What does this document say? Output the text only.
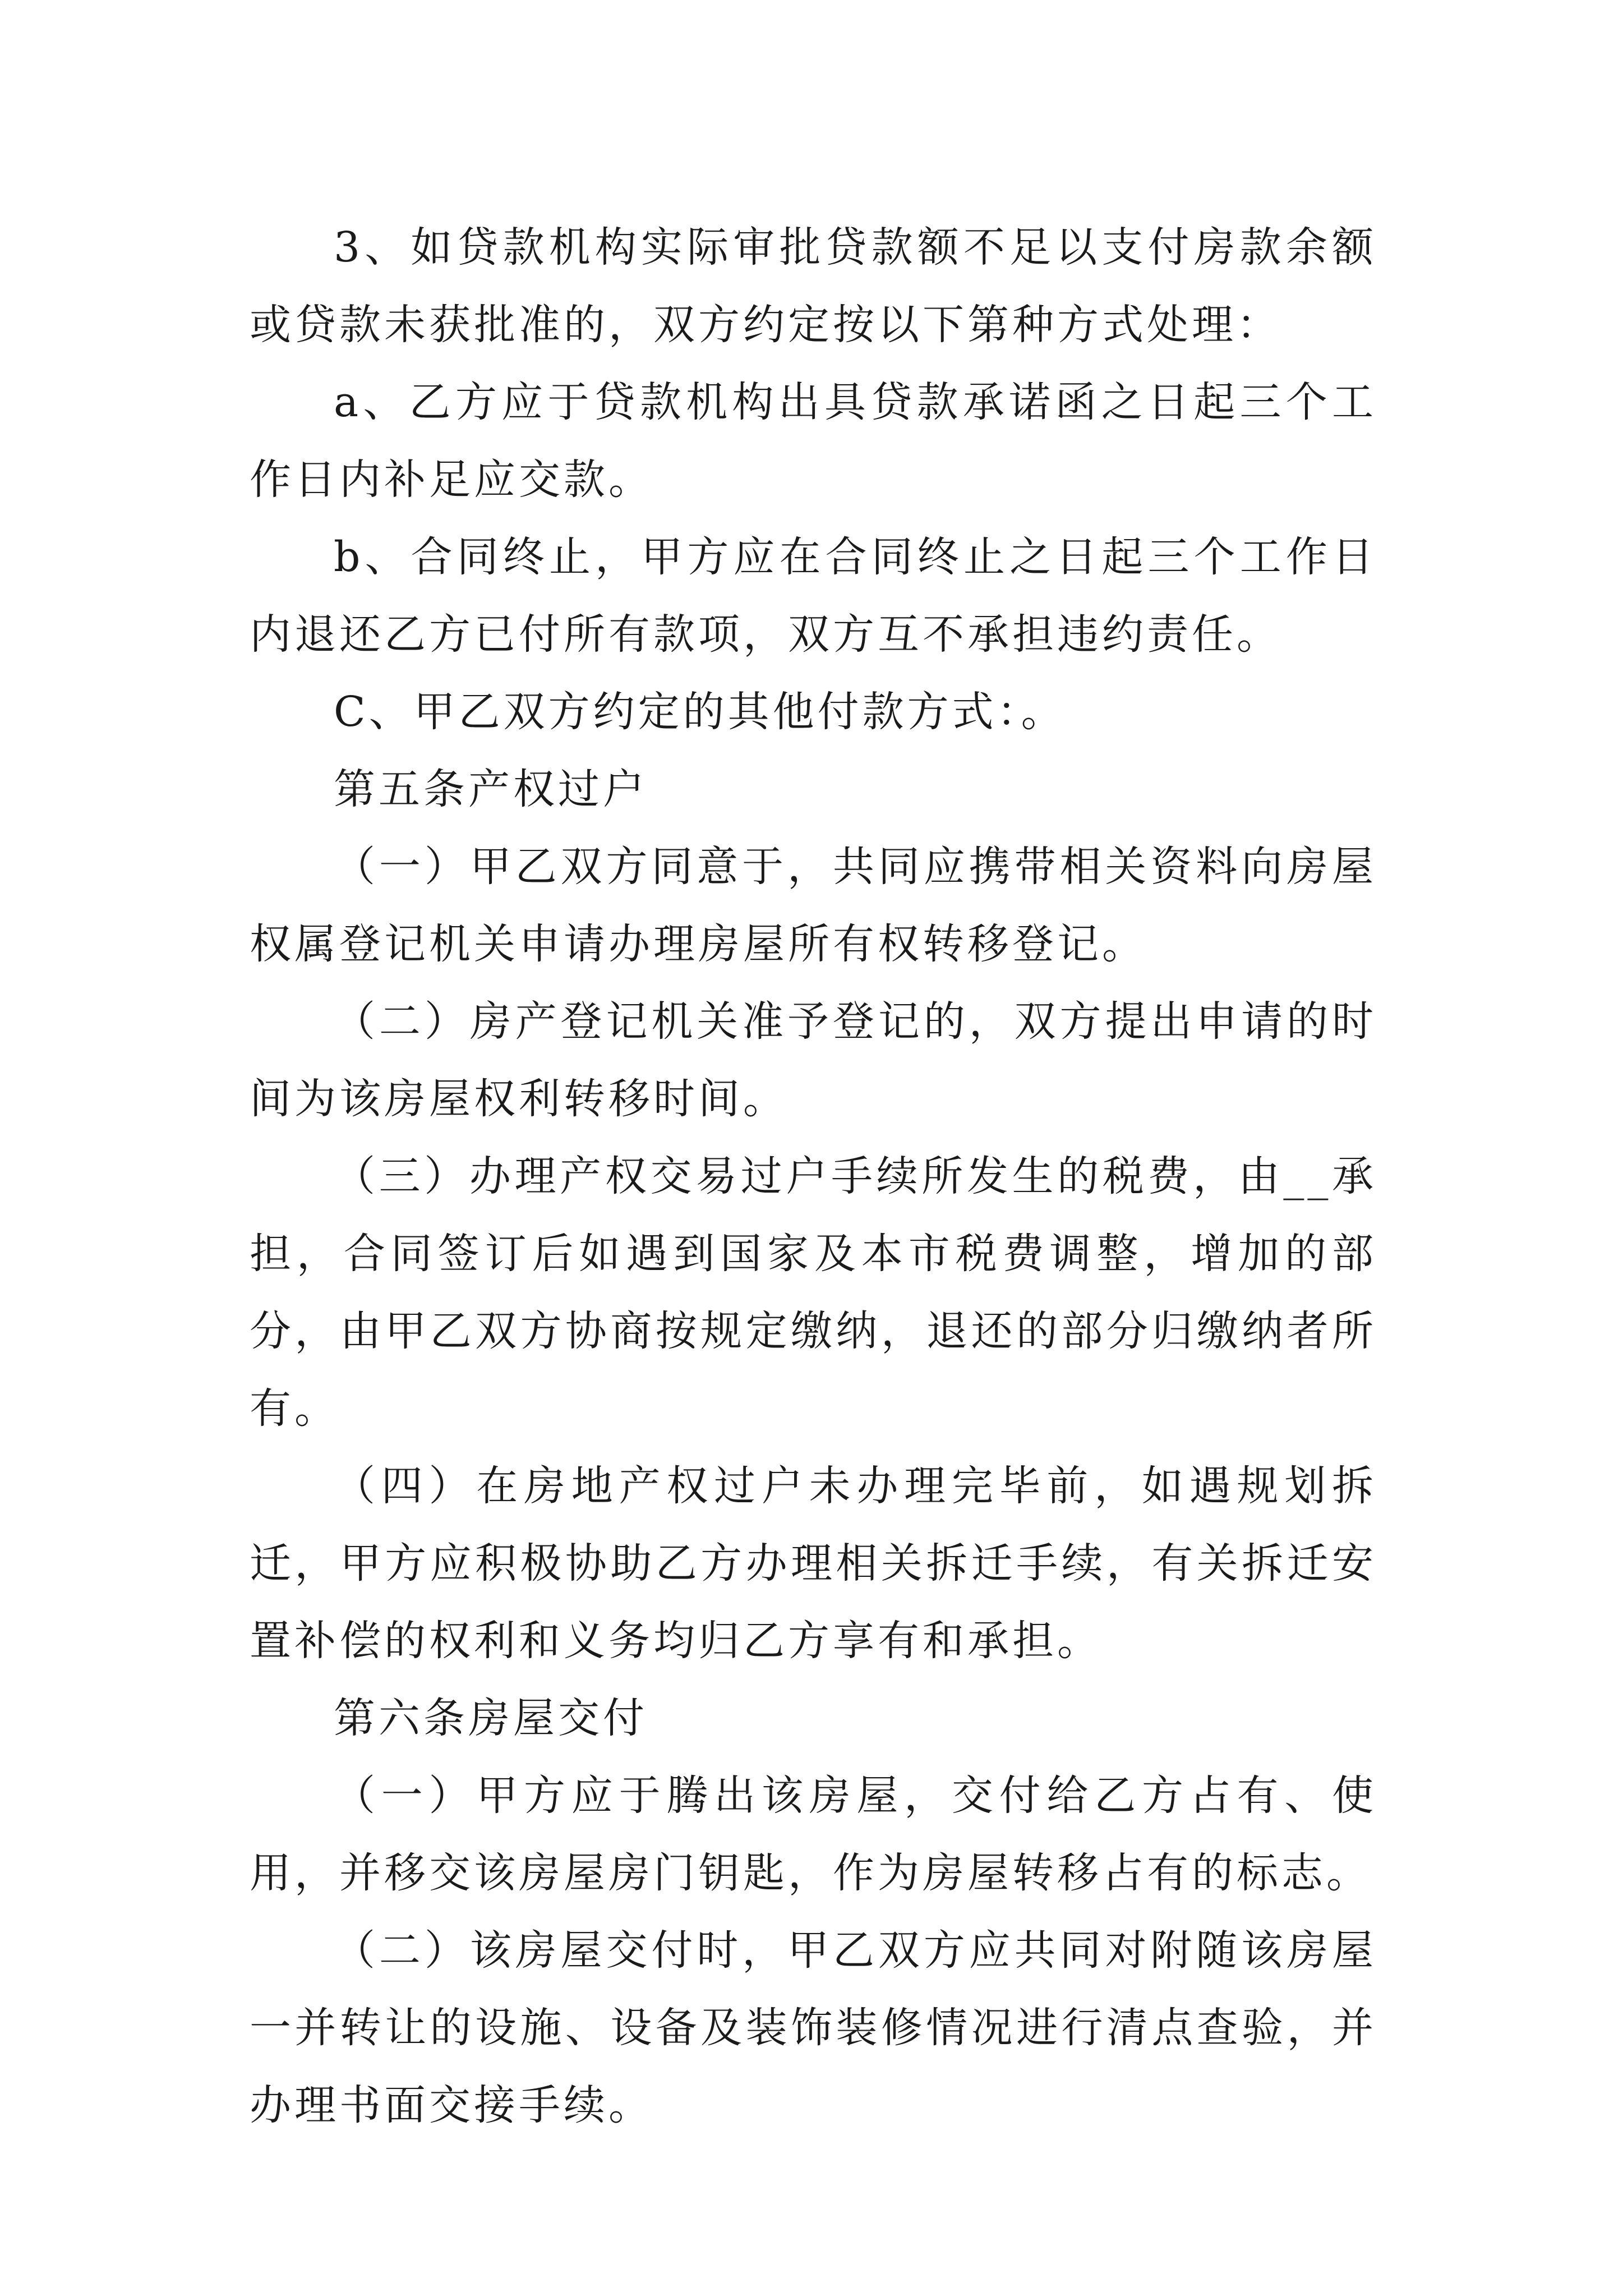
3、如贷款机构实际审批贷款额不足以支付房款余额或贷款未获批准的，双方约定按以下第种方式处理：

a、乙方应于贷款机构出具贷款承诺函之日起三个工作日内补足应交款。

b、合同终止，甲方应在合同终止之日起三个工作日内退还乙方已付所有款项，双方互不承担违约责任。

C、甲乙双方约定的其他付款方式：。

第五条产权过户

（一）甲乙双方同意于，共同应携带相关资料向房屋权属登记机关申请办理房屋所有权转移登记。

（二）房产登记机关准予登记的，双方提出申请的时间为该房屋权利转移时间。

（三）办理产权交易过户手续所发生的税费，由__承担，合同签订后如遇到国家及本市税费调整，增加的部分，由甲乙双方协商按规定缴纳，退还的部分归缴纳者所有。

（四）在房地产权过户未办理完毕前，如遇规划拆迁，甲方应积极协助乙方办理相关拆迁手续，有关拆迁安置补偿的权利和义务均归乙方享有和承担。

第六条房屋交付

（一）甲方应于腾出该房屋，交付给乙方占有、使用，并移交该房屋房门钥匙，作为房屋转移占有的标志。

（二）该房屋交付时，甲乙双方应共同对附随该房屋一并转让的设施、设备及装饰装修情况进行清点查验，并办理书面交接手续。
